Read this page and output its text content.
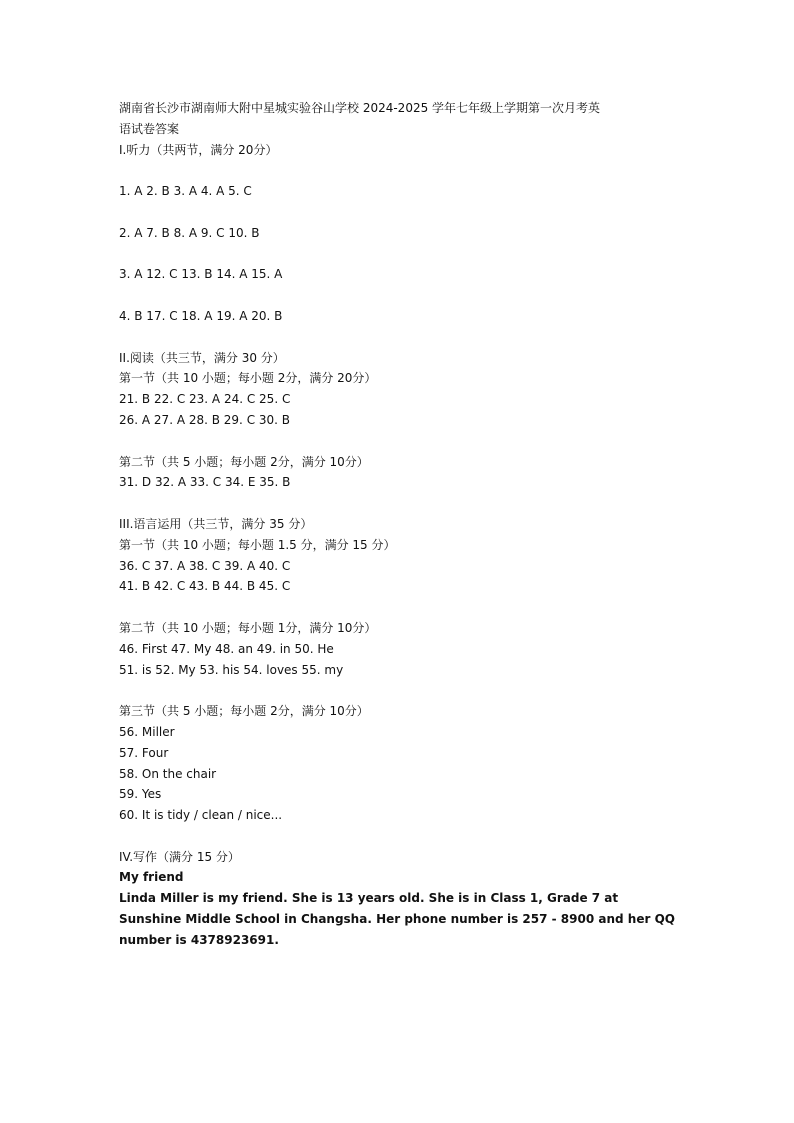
湖南省长沙市湖南师大附中星城实验谷山学校 2024-2025 学年七年级上学期第一次月考英
语试卷答案
I.听力（共两节，满分 20分）
1. A 2. B 3. A 4. A 5. C
2. A 7. B 8. A 9. C 10. B
3. A 12. C 13. B 14. A 15. A
4. B 17. C 18. A 19. A 20. B
II.阅读（共三节，满分 30 分）
第一节（共 10 小题；每小题 2分，满分 20分）
21. B 22. C 23. A 24. C 25. C
26. A 27. A 28. B 29. C 30. B
第二节（共 5 小题；每小题 2分，满分 10分）
31. D 32. A 33. C 34. E 35. B
III.语言运用（共三节，满分 35 分）
第一节（共 10 小题；每小题 1.5 分，满分 15 分）
36. C 37. A 38. C 39. A 40. C
41. B 42. C 43. B 44. B 45. C
第二节（共 10 小题；每小题 1分，满分 10分）
46. First 47. My 48. an 49. in 50. He
51. is 52. My 53. his 54. loves 55. my
第三节（共 5 小题；每小题 2分，满分 10分）
56. Miller
57. Four
58. On the chair
59. Yes
60. It is tidy / clean / nice...
IV.写作（满分 15 分）
My friend
Linda Miller is my friend. She is 13 years old. She is in Class 1, Grade 7 at Sunshine Middle School in Changsha. Her phone number is 257 - 8900 and her QQ number is 4378923691.
